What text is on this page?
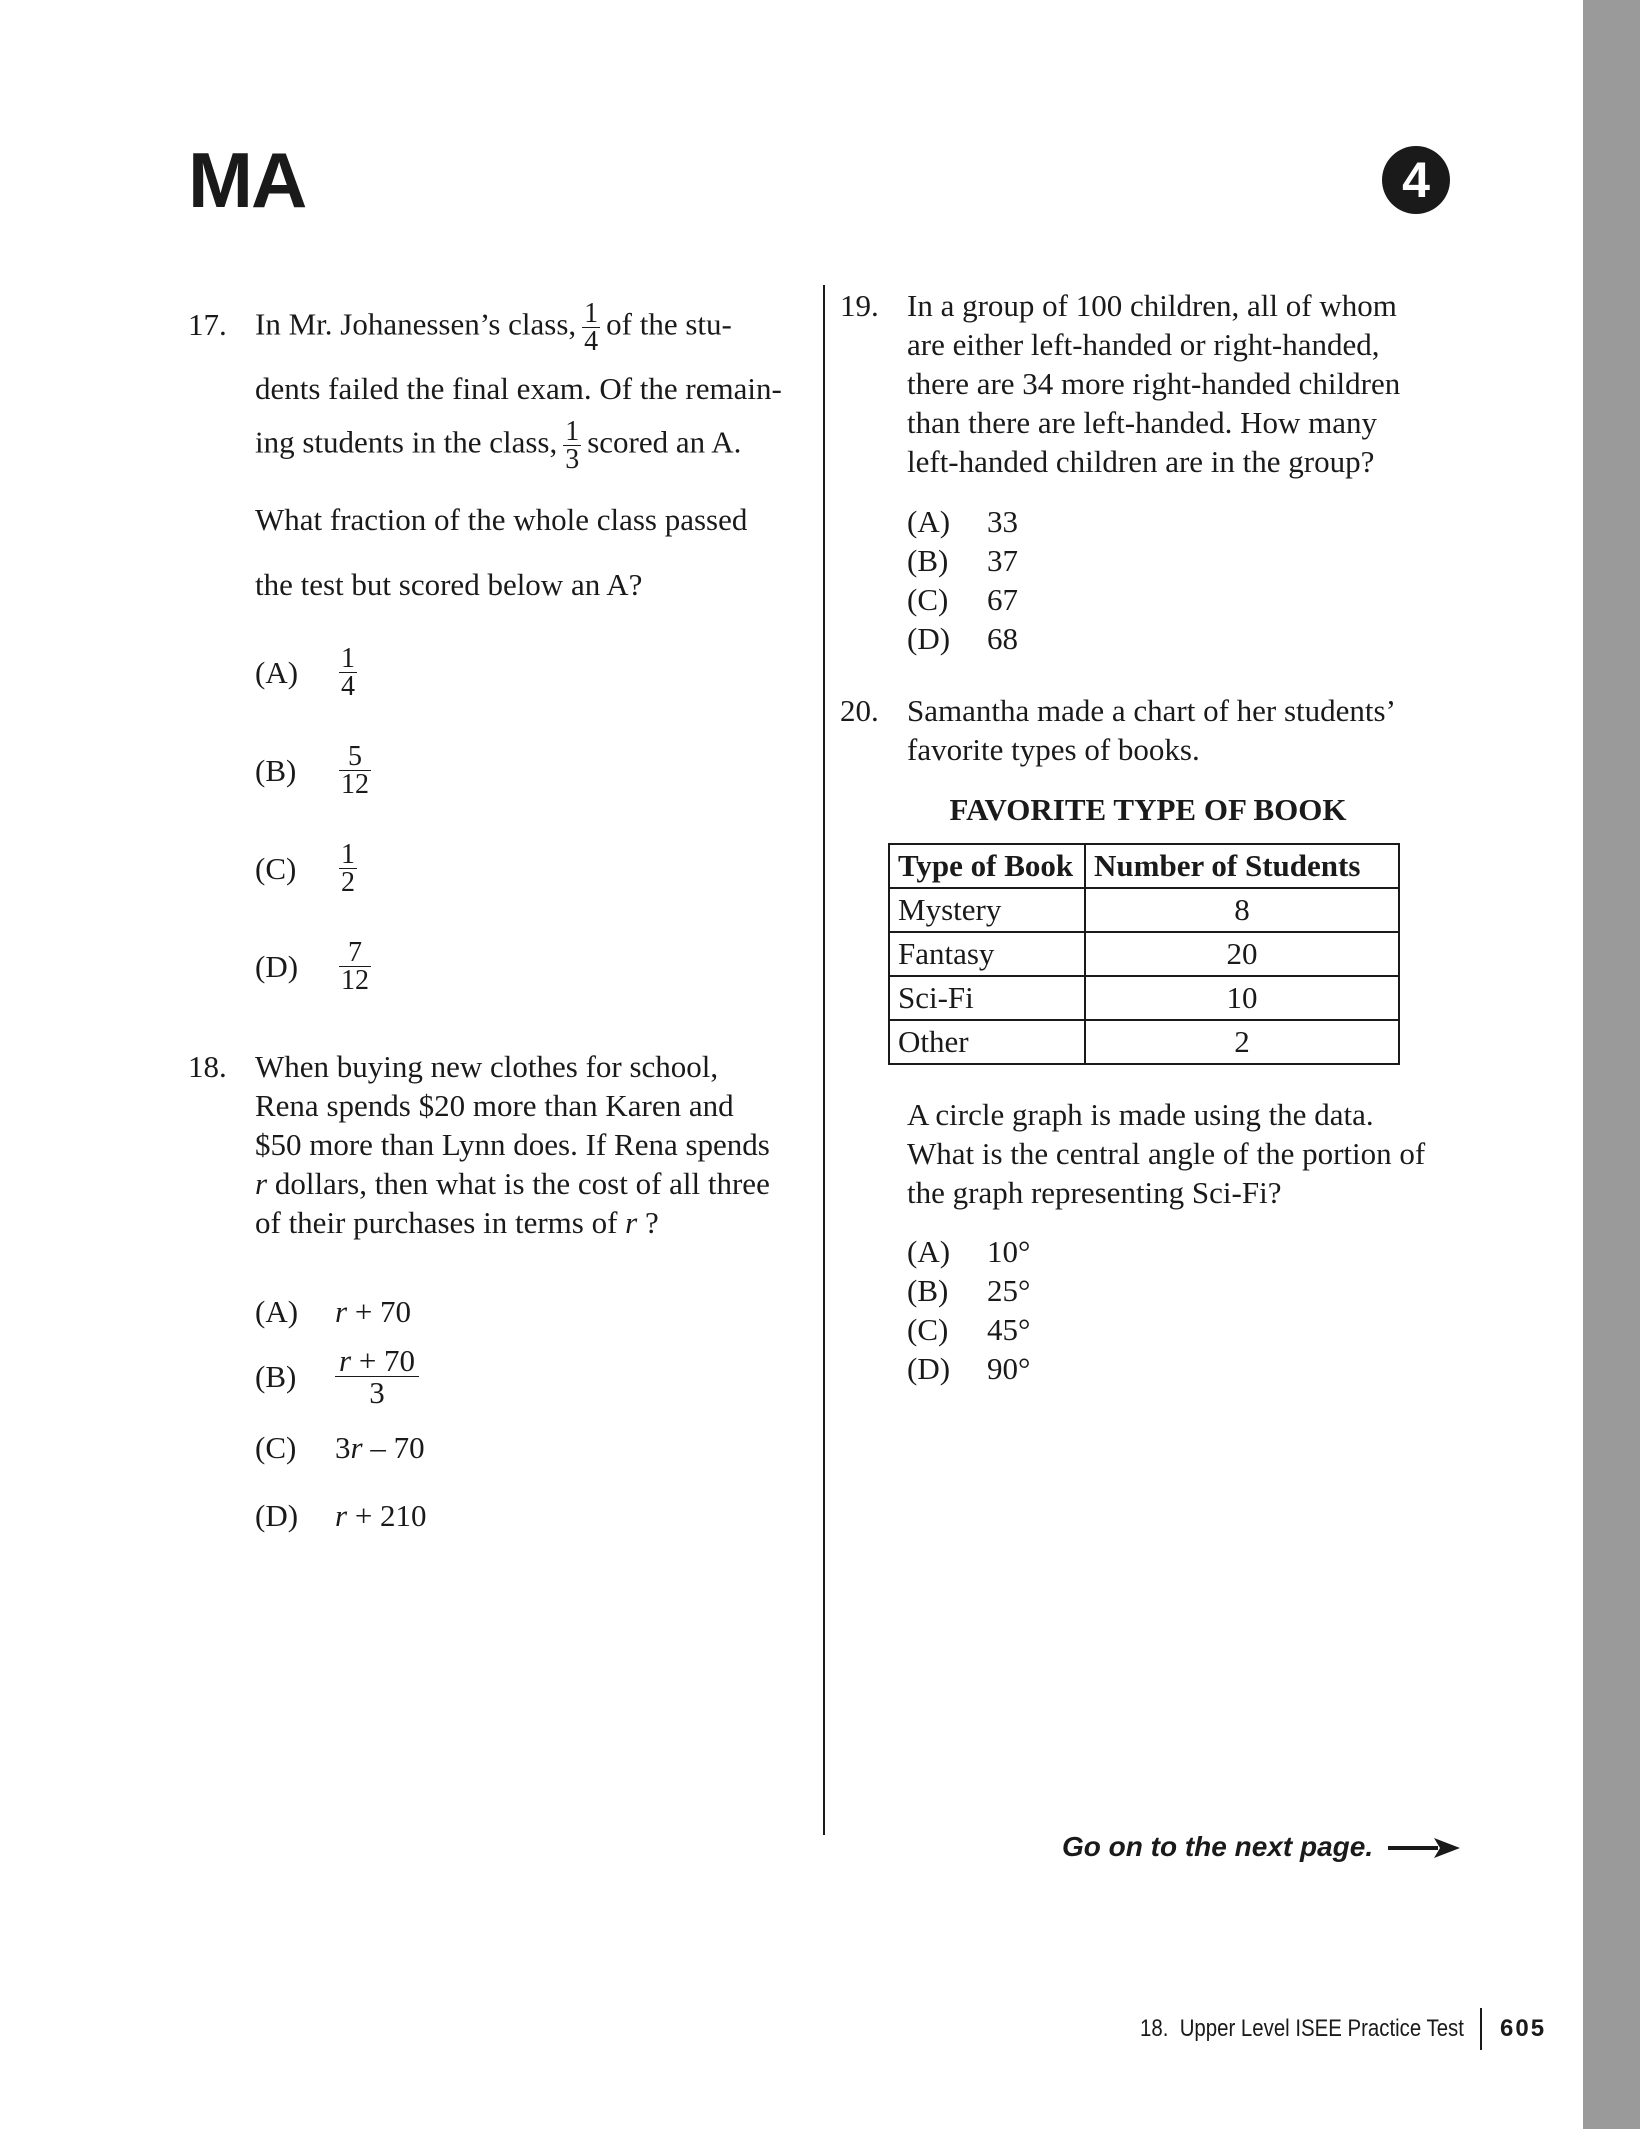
MA	4
17. In Mr. Johanessen’s class, $\frac{1}{4}$ of the stu-
dents failed the final exam. Of the remain-
ing students in the class, $\frac{1}{3}$ scored an A.
What fraction of the whole class passed
the test but scored below an A?
$(A) \frac{1}{4}$
$(B) \frac{5}{12}$
$(C) \frac{1}{2}$
$(D) \frac{7}{12}$
18. When buying new clothes for school,
Rena spends $20 more than Karen and
$50 more than Lynn does. If Rena spends
r dollars, then what is the cost of all three
of their purchases in terms of r ?
(A) r + 70
$(B) \frac{r + 70}{3}$
(C) 3r – 70
(D) r + 210
19. In a group of 100 children, all of whom
are either left-handed or right-handed,
there are 34 more right-handed children
than there are left-handed. How many
left-handed children are in the group?
(A) 33
(B) 37
(C) 67
(D) 68
20. Samantha made a chart of her students’
favorite types of books.
FAVORITE TYPE OF BOOK
Type of Book	Number of Students
Mystery	8
Fantasy	20
Sci-Fi	10
Other	2
A circle graph is made using the data.
What is the central angle of the portion of
the graph representing Sci-Fi?
(A) 10°
(B) 25°
(C) 45°
(D) 90°
Go on to the next page.
18.  Upper Level ISEE Practice Test 605
